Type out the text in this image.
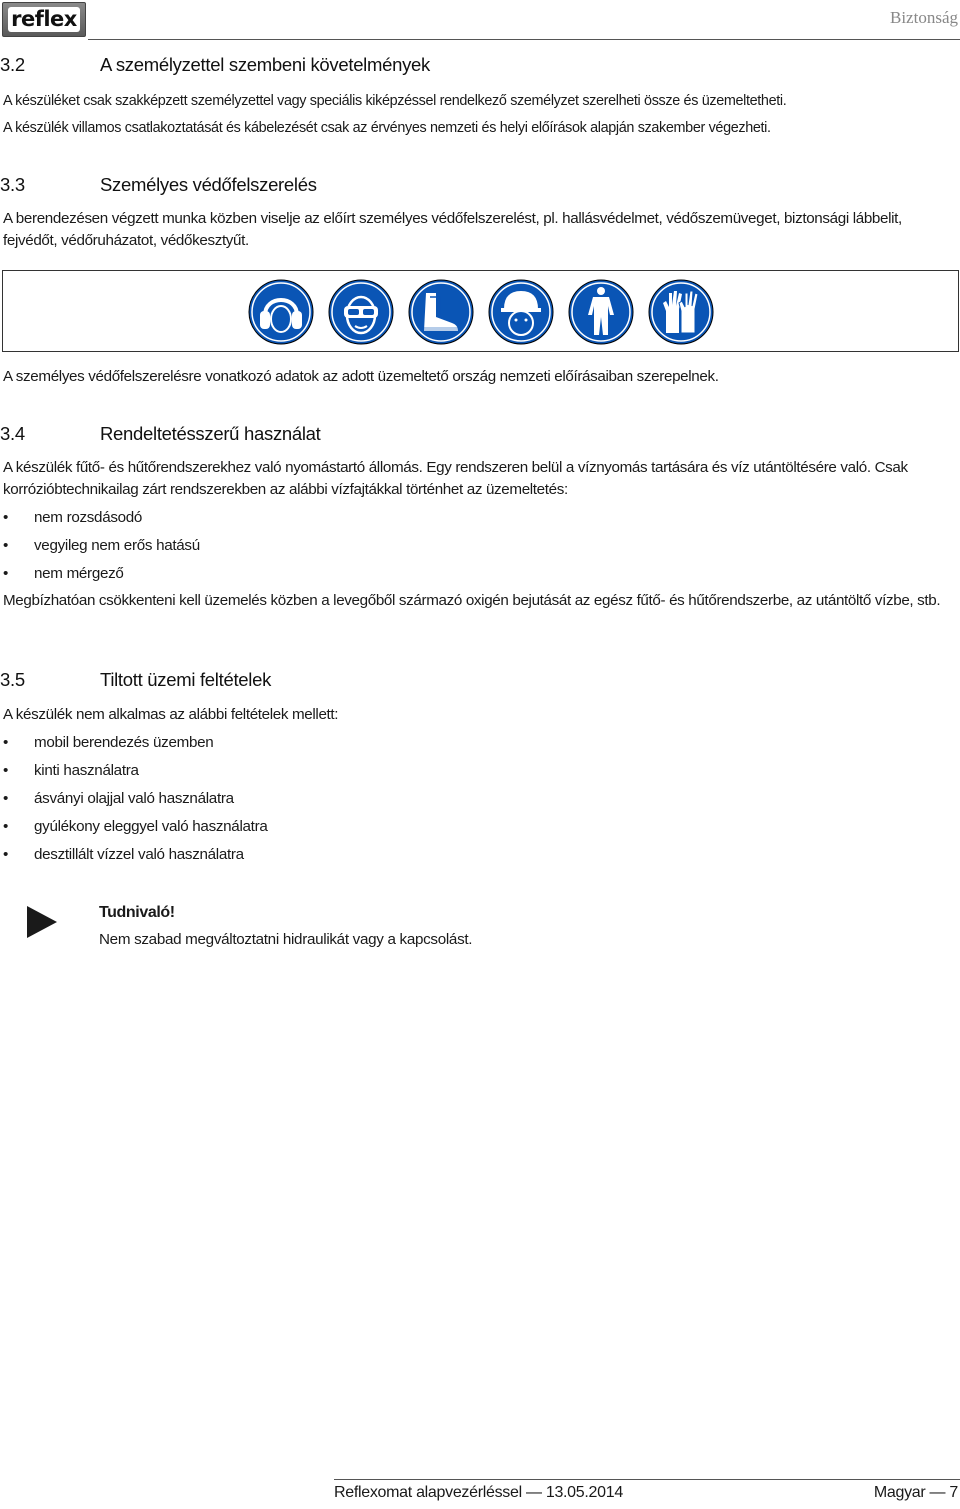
reflex	Biztonság
3.2	A személyzettel szembeni követelmények
A készüléket csak szakképzett személyzettel vagy speciális kiképzéssel rendelkező személyzet szerelheti össze és üzemeltetheti.
A készülék villamos csatlakoztatását és kábelezését csak az érvényes nemzeti és helyi előírások alapján szakember végezheti.
3.3	Személyes védőfelszerelés
A berendezésen végzett munka közben viselje az előírt személyes védőfelszerelést, pl. hallásvédelmet, védőszemüveget, biztonsági lábbelit, fejvédőt, védőruházatot, védőkesztyűt.
A személyes védőfelszerelésre vonatkozó adatok az adott üzemeltető ország nemzeti előírásaiban szerepelnek.
3.4	Rendeltetésszerű használat
A készülék fűtő- és hűtőrendszerekhez való nyomástartó állomás. Egy rendszeren belül a víznyomás tartására és víz utántöltésére való. Csak korrózióbtechnikailag zárt rendszerekben az alábbi vízfajtákkal történhet az üzemeltetés:
• nem rozsdásodó
• vegyileg nem erős hatású
• nem mérgező
Megbízhatóan csökkenteni kell üzemelés közben a levegőből származó oxigén bejutását az egész fűtő- és hűtőrendszerbe, az utántöltő vízbe, stb.
3.5	Tiltott üzemi feltételek
A készülék nem alkalmas az alábbi feltételek mellett:
• mobil berendezés üzemben
• kinti használatra
• ásványi olajjal való használatra
• gyúlékony eleggyel való használatra
• desztillált vízzel való használatra
Tudnivaló!
Nem szabad megváltoztatni hidraulikát vagy a kapcsolást.
Reflexomat alapvezérléssel — 13.05.2014	Magyar — 7
